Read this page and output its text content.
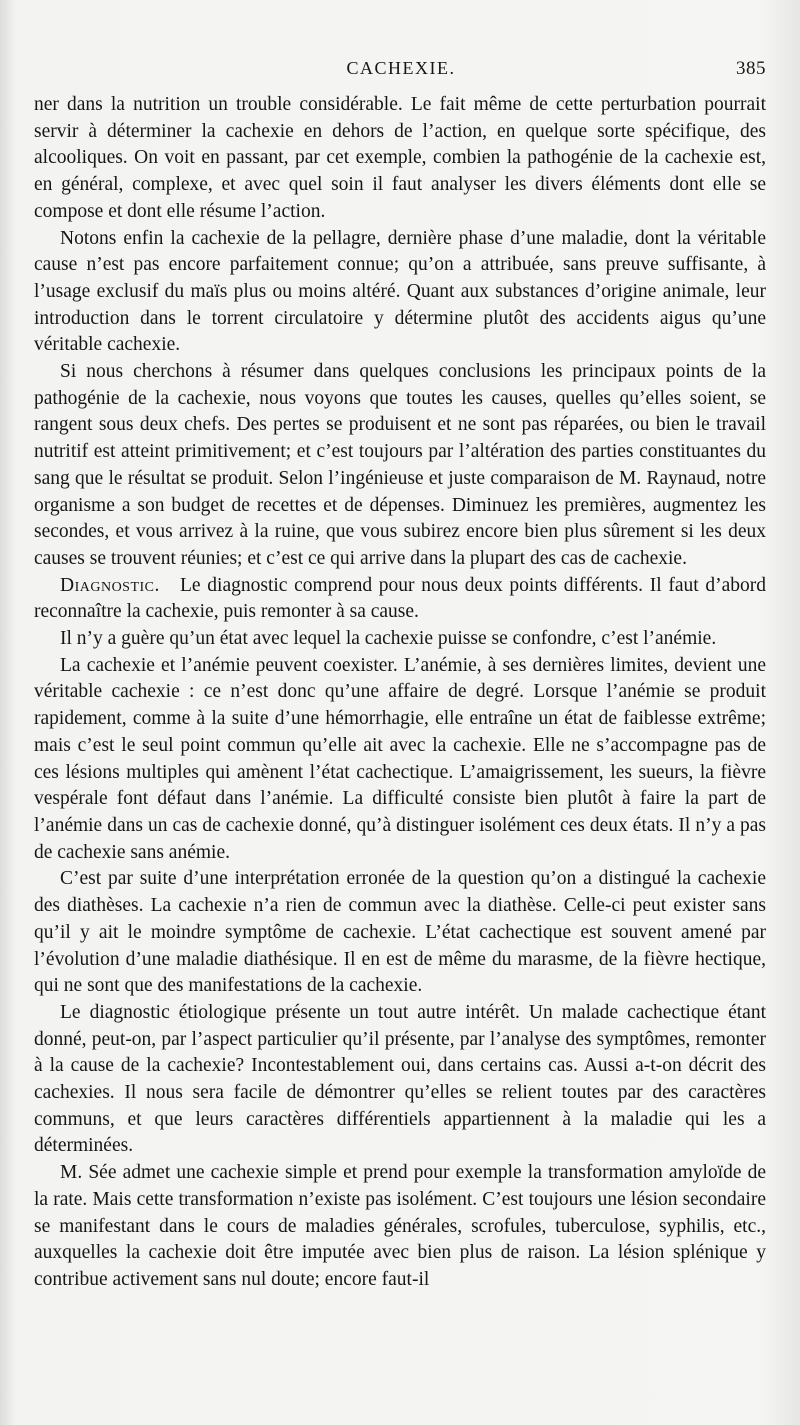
CACHEXIE.	385

ner dans la nutrition un trouble considérable. Le fait même de cette perturbation pourrait servir à déterminer la cachexie en dehors de l’action, en quelque sorte spécifique, des alcooliques. On voit en passant, par cet exemple, combien la pathogénie de la cachexie est, en général, complexe, et avec quel soin il faut analyser les divers éléments dont elle se compose et dont elle résume l’action.

Notons enfin la cachexie de la pellagre, dernière phase d’une maladie, dont la véritable cause n’est pas encore parfaitement connue; qu’on a attribuée, sans preuve suffisante, à l’usage exclusif du maïs plus ou moins altéré. Quant aux substances d’origine animale, leur introduction dans le torrent circulatoire y détermine plutôt des accidents aigus qu’une véritable cachexie.

Si nous cherchons à résumer dans quelques conclusions les principaux points de la pathogénie de la cachexie, nous voyons que toutes les causes, quelles qu’elles soient, se rangent sous deux chefs. Des pertes se produisent et ne sont pas réparées, ou bien le travail nutritif est atteint primitivement; et c’est toujours par l’altération des parties constituantes du sang que le résultat se produit. Selon l’ingénieuse et juste comparaison de M. Raynaud, notre organisme a son budget de recettes et de dépenses. Diminuez les premières, augmentez les secondes, et vous arrivez à la ruine, que vous subirez encore bien plus sûrement si les deux causes se trouvent réunies; et c’est ce qui arrive dans la plupart des cas de cachexie.

Diagnostic. Le diagnostic comprend pour nous deux points différents. Il faut d’abord reconnaître la cachexie, puis remonter à sa cause.

Il n’y a guère qu’un état avec lequel la cachexie puisse se confondre, c’est l’anémie.

La cachexie et l’anémie peuvent coexister. L’anémie, à ses dernières limites, devient une véritable cachexie : ce n’est donc qu’une affaire de degré. Lorsque l’anémie se produit rapidement, comme à la suite d’une hémorrhagie, elle entraîne un état de faiblesse extrême; mais c’est le seul point commun qu’elle ait avec la cachexie. Elle ne s’accompagne pas de ces lésions multiples qui amènent l’état cachectique. L’amaigrissement, les sueurs, la fièvre vespérale font défaut dans l’anémie. La difficulté consiste bien plutôt à faire la part de l’anémie dans un cas de cachexie donné, qu’à distinguer isolément ces deux états. Il n’y a pas de cachexie sans anémie.

C’est par suite d’une interprétation erronée de la question qu’on a distingué la cachexie des diathèses. La cachexie n’a rien de commun avec la diathèse. Celle-ci peut exister sans qu’il y ait le moindre symptôme de cachexie. L’état cachectique est souvent amené par l’évolution d’une maladie diathésique. Il en est de même du marasme, de la fièvre hectique, qui ne sont que des manifestations de la cachexie.

Le diagnostic étiologique présente un tout autre intérêt. Un malade cachectique étant donné, peut-on, par l’aspect particulier qu’il présente, par l’analyse des symptômes, remonter à la cause de la cachexie? Incontestablement oui, dans certains cas. Aussi a-t-on décrit des cachexies. Il nous sera facile de démontrer qu’elles se relient toutes par des caractères communs, et que leurs caractères différentiels appartiennent à la maladie qui les a déterminées.

M. Sée admet une cachexie simple et prend pour exemple la transformation amyloïde de la rate. Mais cette transformation n’existe pas isolément. C’est toujours une lésion secondaire se manifestant dans le cours de maladies générales, scrofules, tuberculose, syphilis, etc., auxquelles la cachexie doit être imputée avec bien plus de raison. La lésion splénique y contribue activement sans nul doute; encore faut-il
